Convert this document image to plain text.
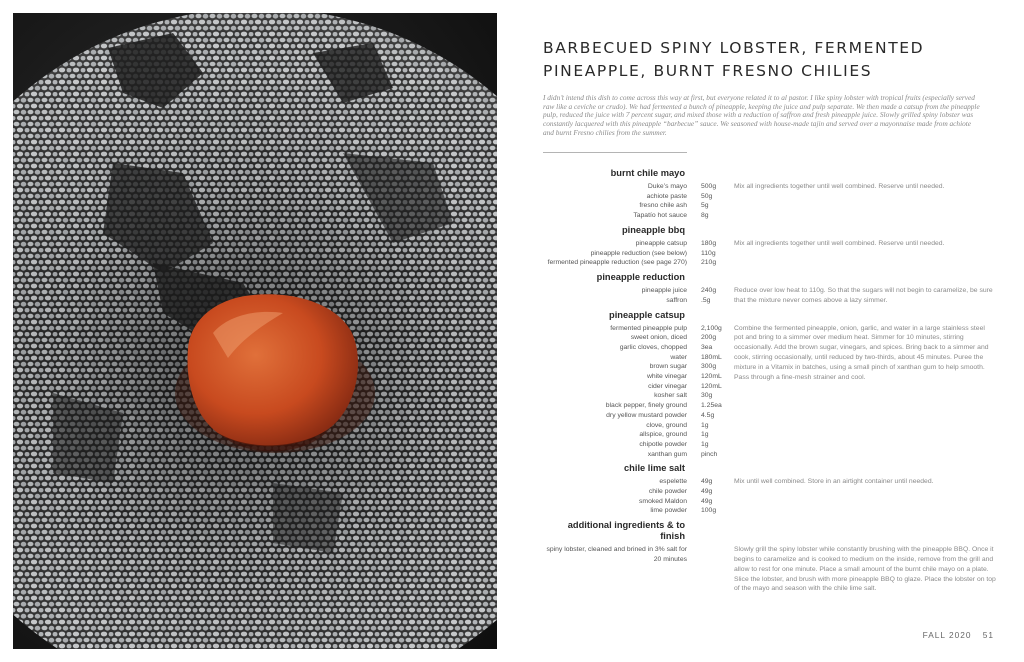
BARBECUED SPINY LOBSTER, FERMENTED
PINEAPPLE, BURNT FRESNO CHILIES

I didn’t intend this dish to come across this way at first, but everyone related it to al pastor. I like spiny lobster with tropical fruits (especially served raw like a ceviche or crudo). We had fermented a bunch of pineapple, keeping the juice and pulp separate. We then made a catsup from the pineapple pulp, reduced the juice with 7 percent sugar, and mixed those with a reduction of saffron and fresh pineapple juice. Slowly grilled spiny lobster was constantly lacquered with this pineapple “barbecue” sauce. We seasoned with house-made tajin and served over a mayonnaise made from achiote and burnt Fresno chilies from the summer.

burnt chile mayo
Duke’s mayo	500g
achiote paste	50g
fresno chile ash	5g
Tapatío hot sauce	8g
Mix all ingredients together until well combined. Reserve until needed.
pineapple bbq
pineapple catsup	180g
pineapple reduction (see below)	110g
fermented pineapple reduction (see page 270)	210g
Mix all ingredients together until well combined. Reserve until needed.
pineapple reduction
pineapple juice	240g
saffron	.5g
Reduce over low heat to 110g. So that the sugars will not begin to caramelize, be sure that the mixture never comes above a lazy simmer.
pineapple catsup
fermented pineapple pulp	2,100g
sweet onion, diced	200g
garlic cloves, chopped	3ea
water	180mL
brown sugar	300g
white vinegar	120mL
cider vinegar	120mL
kosher salt	30g
black pepper, finely ground	1.25ea
dry yellow mustard powder	4.5g
clove, ground	1g
allspice, ground	1g
chipotle powder	1g
xanthan gum	pinch
Combine the fermented pineapple, onion, garlic, and water in a large stainless steel pot and bring to a simmer over medium heat. Simmer for 10 minutes, stirring occasionally. Add the brown sugar, vinegars, and spices. Bring back to a simmer and cook, stirring occasionally, until reduced by two-thirds, about 45 minutes. Puree the mixture in a Vitamix in batches, using a small pinch of xanthan gum to help smooth. Pass through a fine-mesh strainer and cool.
chile lime salt
espelette	49g
chile powder	49g
smoked Maldon	49g
lime powder	100g
Mix until well combined. Store in an airtight container until needed.
additional ingredients & to finish
spiny lobster, cleaned and brined in 3% salt for 20 minutes
Slowly grill the spiny lobster while constantly brushing with the pineapple BBQ. Once it begins to caramelize and is cooked to medium on the inside, remove from the grill and allow to rest for one minute. Place a small amount of the burnt chile mayo on a plate. Slice the lobster, and brush with more pineapple BBQ to glaze. Place the lobster on top of the mayo and season with the chile lime salt.
FALL 2020 51
